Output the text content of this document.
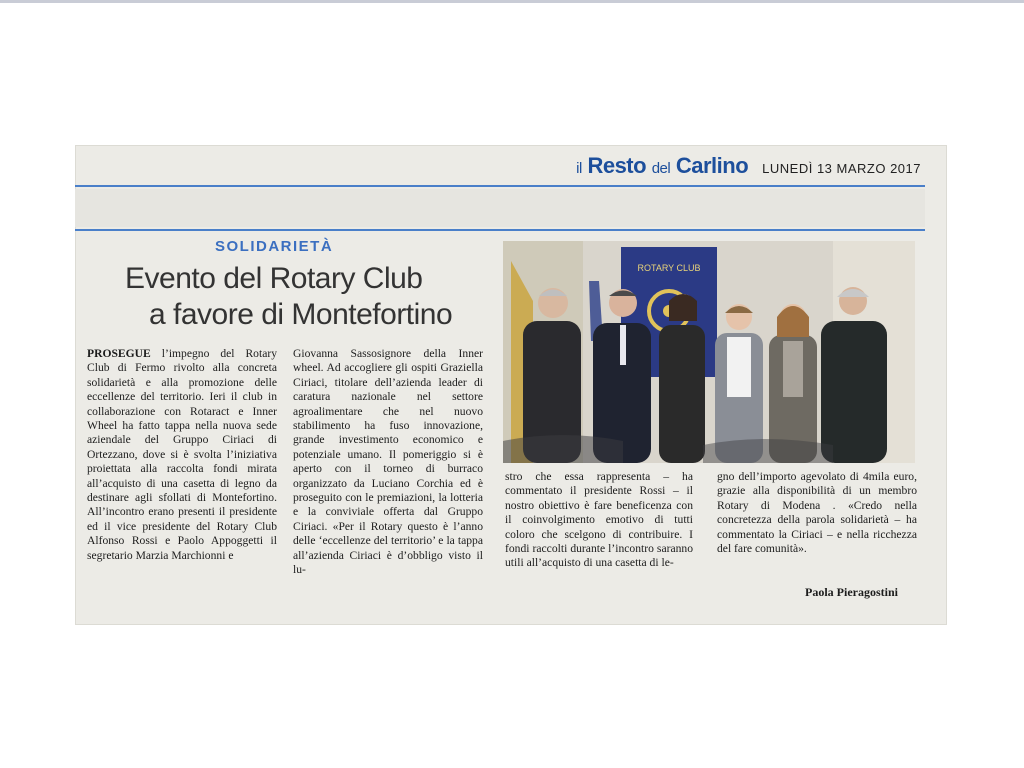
il Resto del Carlino LUNEDÌ 13 MARZO 2017
SOLIDARIETÀ
Evento del Rotary Club
a favore di Montefortino
PROSEGUE l’impegno del Rotary Club di Fermo rivolto alla concreta solidarietà e alla promozione delle eccellenze del territorio. Ieri il club in collaborazione con Rotaract e Inner Wheel ha fatto tappa nella nuova sede aziendale del Gruppo Ciriaci di Ortezzano, dove si è svolta l’iniziativa proiettata alla raccolta fondi mirata all’acquisto di una casetta di legno da destinare agli sfollati di Montefortino. All’incontro erano presenti il presidente ed il vice presidente del Rotary Club Alfonso Rossi e Paolo Appoggetti il segretario Marzia Marchionni e
Giovanna Sassosignore della Inner wheel. Ad accogliere gli ospiti Graziella Ciriaci, titolare dell’azienda leader di caratura nazionale nel settore agroalimentare che nel nuovo stabilimento ha fuso innovazione, grande investimento economico e potenziale umano. Il pomeriggio si è aperto con il torneo di burraco organizzato da Luciano Corchia ed è proseguito con le premiazioni, la lotteria e la conviviale offerta dal Gruppo Ciriaci. «Per il Rotary questo è l’anno delle ‘eccellenze del territorio’ e la tappa all’azienda Ciriaci è d’obbligo visto il lu-
stro che essa rappresenta – ha commentato il presidente Rossi – il nostro obiettivo è fare beneficenza con il coinvolgimento emotivo di tutti coloro che scelgono di contribuire. I fondi raccolti durante l’incontro saranno utili all’acquisto di una casetta di le-
gno dell’importo agevolato di 4mila euro, grazie alla disponibilità di un membro Rotary di Modena . «Credo nella concretezza della parola solidarietà – ha commentato la Ciriaci – e nella ricchezza del fare comunità».
Paola Pieragostini
ROTARY CLUB
